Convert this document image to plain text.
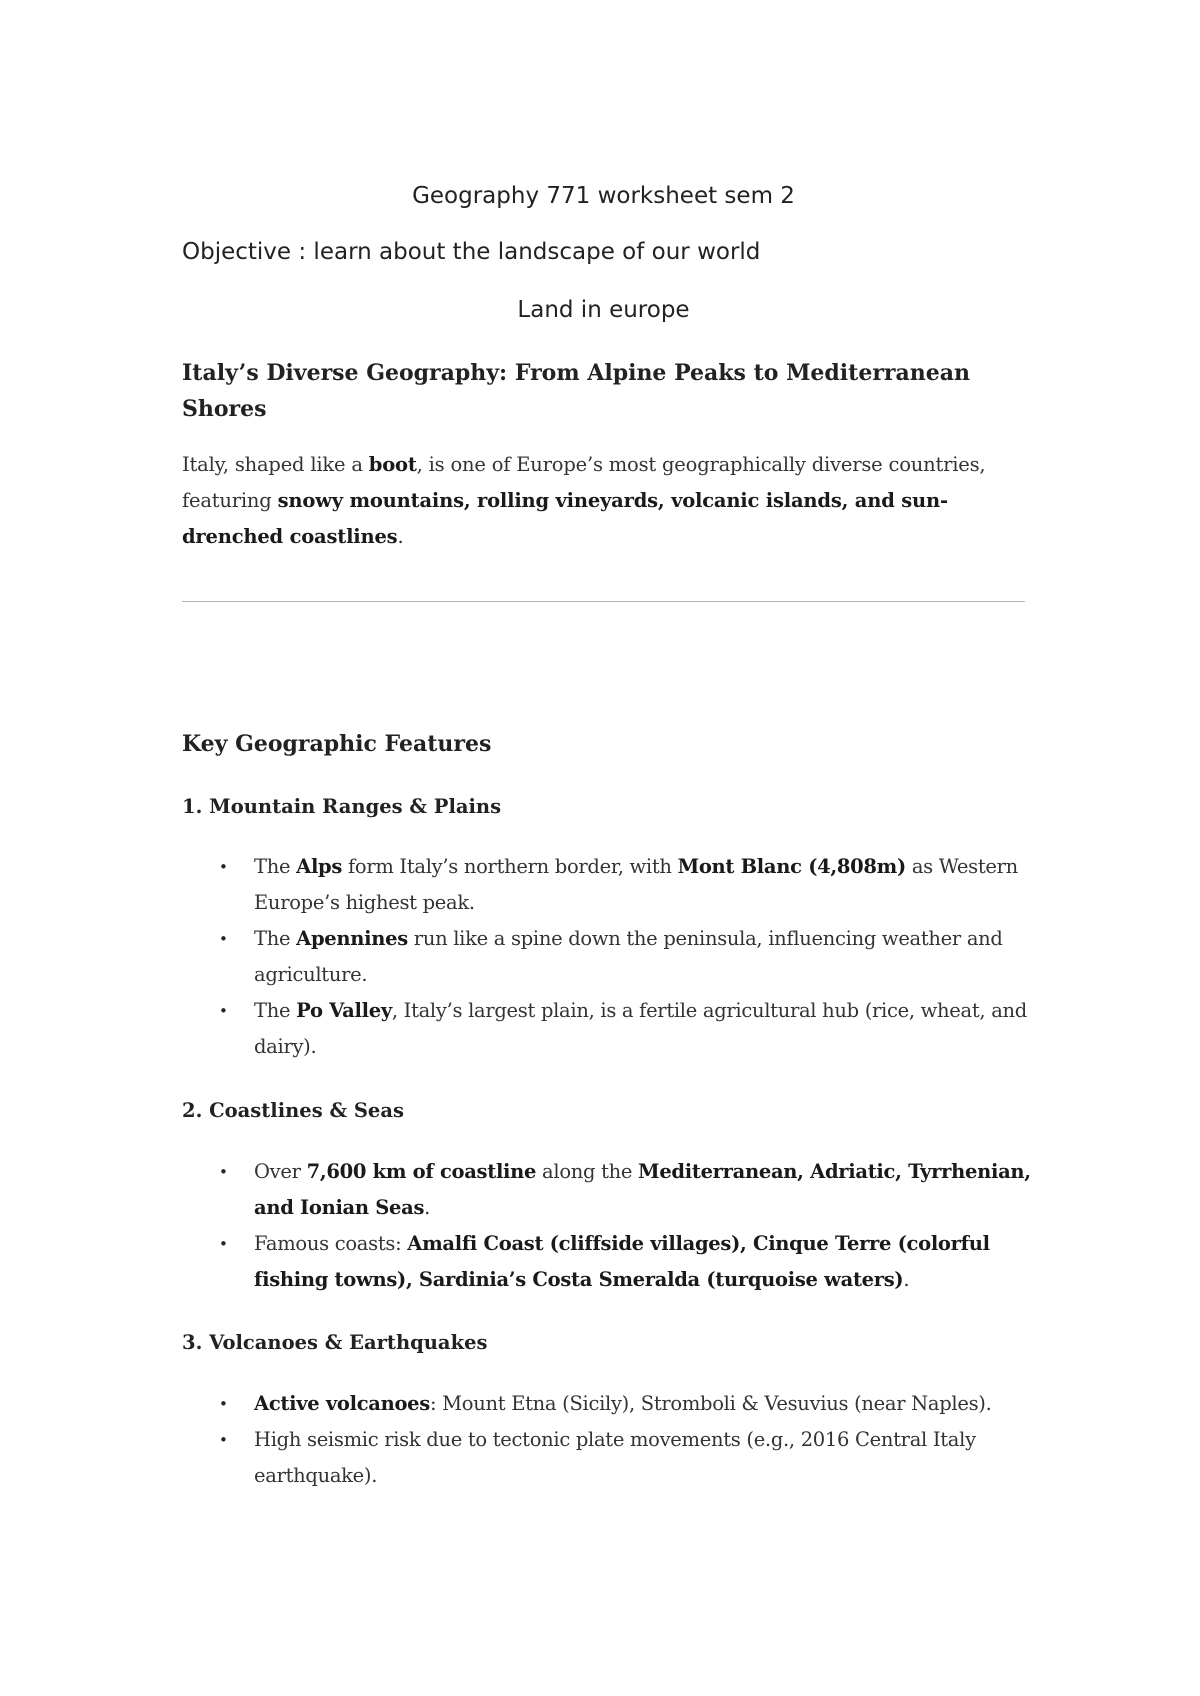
Geography 771 worksheet sem 2
Objective : learn about the landscape of our world
Land in europe
Italy’s Diverse Geography: From Alpine Peaks to Mediterranean Shores
Italy, shaped like a boot, is one of Europe’s most geographically diverse countries, featuring snowy mountains, rolling vineyards, volcanic islands, and sun-drenched coastlines.
Key Geographic Features
1. Mountain Ranges & Plains
• The Alps form Italy’s northern border, with Mont Blanc (4,808m) as Western Europe’s highest peak.
• The Apennines run like a spine down the peninsula, influencing weather and agriculture.
• The Po Valley, Italy’s largest plain, is a fertile agricultural hub (rice, wheat, and dairy).
2. Coastlines & Seas
• Over 7,600 km of coastline along the Mediterranean, Adriatic, Tyrrhenian, and Ionian Seas.
• Famous coasts: Amalfi Coast (cliffside villages), Cinque Terre (colorful fishing towns), Sardinia’s Costa Smeralda (turquoise waters).
3. Volcanoes & Earthquakes
• Active volcanoes: Mount Etna (Sicily), Stromboli & Vesuvius (near Naples).
• High seismic risk due to tectonic plate movements (e.g., 2016 Central Italy earthquake).
